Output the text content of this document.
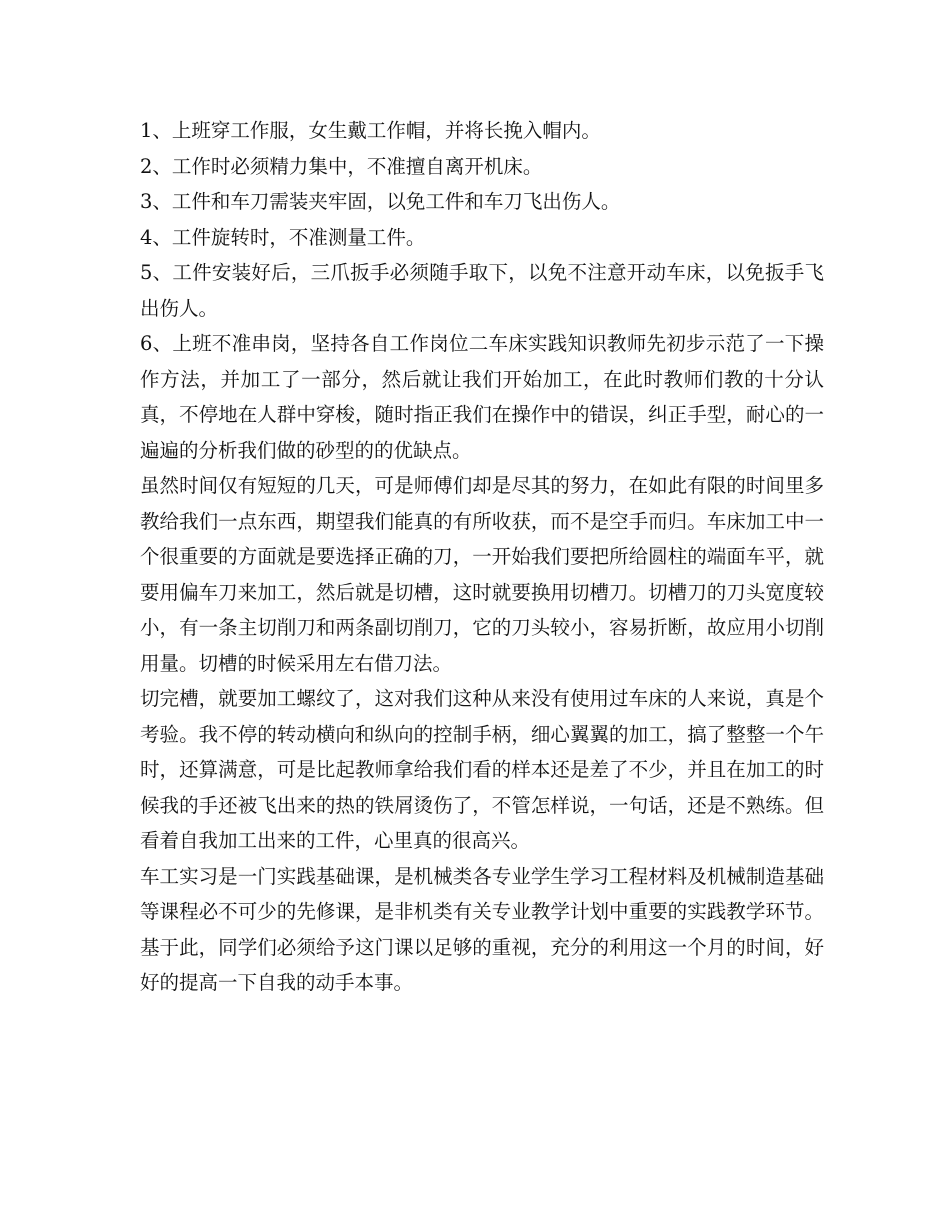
1、上班穿工作服，女生戴工作帽，并将长挽入帽内。

2、工作时必须精力集中，不准擅自离开机床。

3、工件和车刀需装夹牢固，以免工件和车刀飞出伤人。

4、工件旋转时，不准测量工件。

5、工件安装好后，三爪扳手必须随手取下，以免不注意开动车床，以免扳手飞出伤人。

6、上班不准串岗，坚持各自工作岗位二车床实践知识教师先初步示范了一下操作方法，并加工了一部分，然后就让我们开始加工，在此时教师们教的十分认真，不停地在人群中穿梭，随时指正我们在操作中的错误，纠正手型，耐心的一遍遍的分析我们做的砂型的的优缺点。

虽然时间仅有短短的几天，可是师傅们却是尽其的努力，在如此有限的时间里多教给我们一点东西，期望我们能真的有所收获，而不是空手而归。车床加工中一个很重要的方面就是要选择正确的刀，一开始我们要把所给圆柱的端面车平，就要用偏车刀来加工，然后就是切槽，这时就要换用切槽刀。切槽刀的刀头宽度较小，有一条主切削刀和两条副切削刀，它的刀头较小，容易折断，故应用小切削用量。切槽的时候采用左右借刀法。

切完槽，就要加工螺纹了，这对我们这种从来没有使用过车床的人来说，真是个考验。我不停的转动横向和纵向的控制手柄，细心翼翼的加工，搞了整整一个午时，还算满意，可是比起教师拿给我们看的样本还是差了不少，并且在加工的时候我的手还被飞出来的热的铁屑烫伤了，不管怎样说，一句话，还是不熟练。但看着自我加工出来的工件，心里真的很高兴。

车工实习是一门实践基础课，是机械类各专业学生学习工程材料及机械制造基础等课程必不可少的先修课，是非机类有关专业教学计划中重要的实践教学环节。基于此，同学们必须给予这门课以足够的重视，充分的利用这一个月的时间，好好的提高一下自我的动手本事。
